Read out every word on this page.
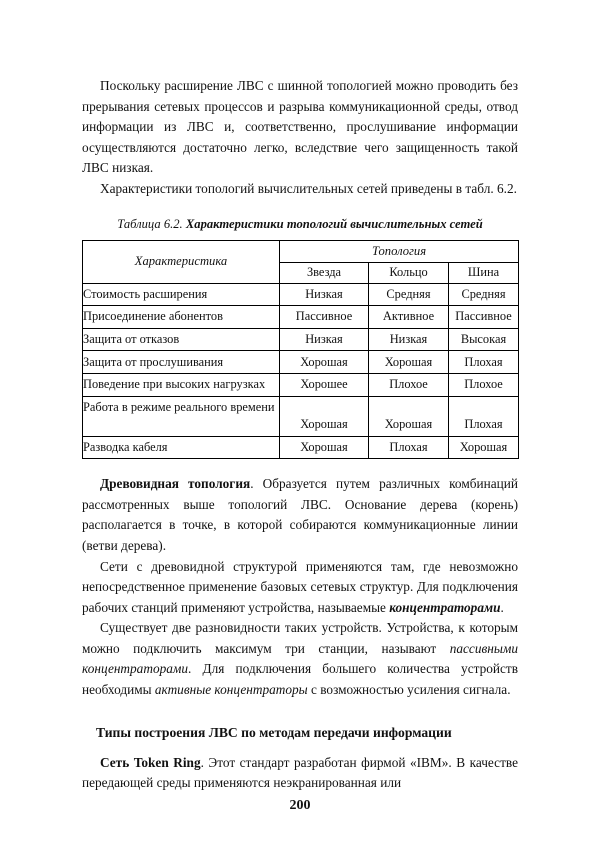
Поскольку расширение ЛВС с шинной топологией можно проводить без прерывания сетевых процессов и разрыва коммуникационной среды, отвод информации из ЛВС и, соответственно, прослушивание информации осуществляются достаточно легко, вследствие чего защищенность такой ЛВС низкая.

Характеристики топологий вычислительных сетей приведены в табл. 6.2.

Таблица 6.2. Характеристики топологий вычислительных сетей

Характеристика	Топология		
	Звезда	Кольцо	Шина
Стоимость расширения	Низкая	Средняя	Средняя
Присоединение абонентов	Пассивное	Активное	Пассивное
Защита от отказов	Низкая	Низкая	Высокая
Защита от прослушивания	Хорошая	Хорошая	Плохая
Поведение при высоких нагрузках	Хорошее	Плохое	Плохое
Работа в режиме реального времени	Хорошая	Хорошая	Плохая
Разводка кабеля	Хорошая	Плохая	Хорошая

Древовидная топология. Образуется путем различных комбинаций рассмотренных выше топологий ЛВС. Основание дерева (корень) располагается в точке, в которой собираются коммуникационные линии (ветви дерева).

Сети с древовидной структурой применяются там, где невозможно непосредственное применение базовых сетевых структур. Для подключения рабочих станций применяют устройства, называемые концентраторами.

Существует две разновидности таких устройств. Устройства, к которым можно подключить максимум три станции, называют пассивными концентраторами. Для подключения большего количества устройств необходимы активные концентраторы с возможностью усиления сигнала.

Типы построения ЛВС по методам передачи информации

Сеть Token Ring. Этот стандарт разработан фирмой «IBM». В качестве передающей среды применяются неэкранированная или

200
